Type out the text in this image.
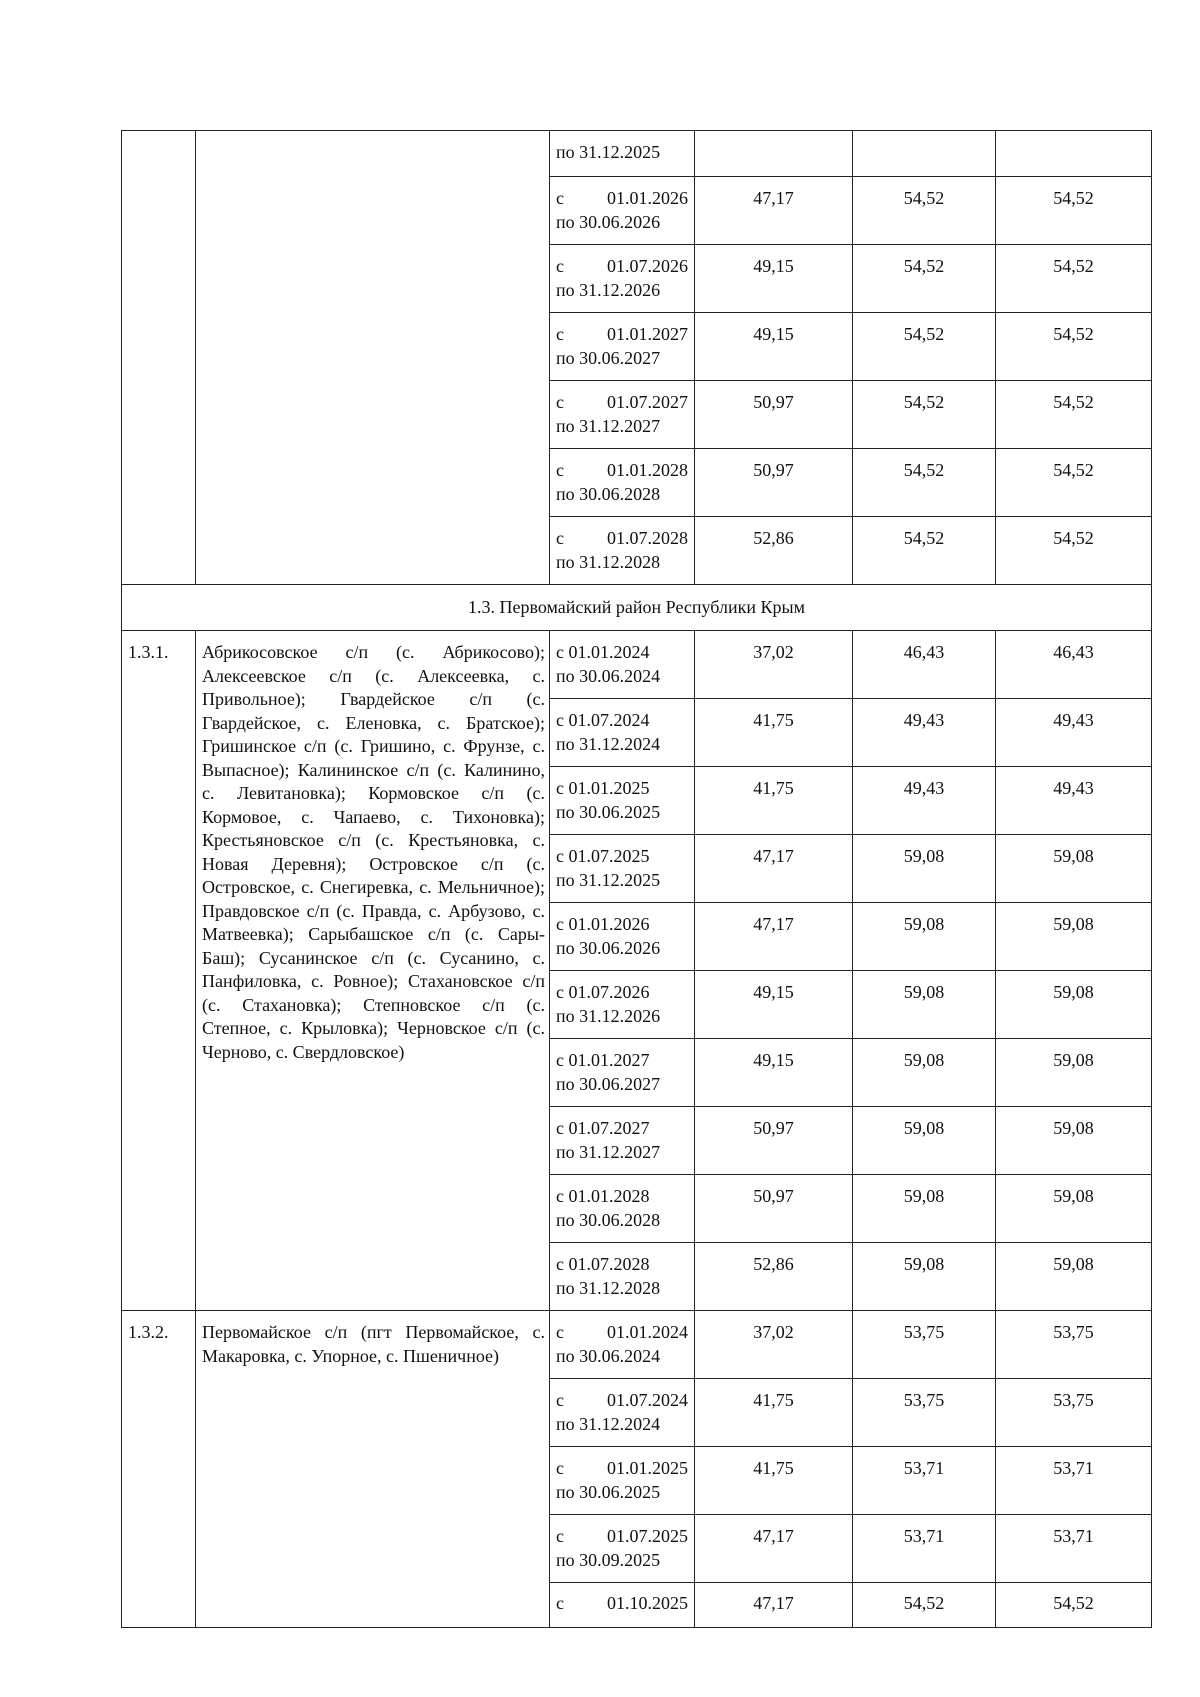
		по 31.12.2025			

		с 01.01.2026
по 30.06.2026	47,17	54,52	54,52

		с 01.07.2026
по 31.12.2026	49,15	54,52	54,52

		с 01.01.2027
по 30.06.2027	49,15	54,52	54,52

		с 01.07.2027
по 31.12.2027	50,97	54,52	54,52

		с 01.01.2028
по 30.06.2028	50,97	54,52	54,52

		с 01.07.2028
по 31.12.2028	52,86	54,52	54,52
1.3. Первомайский район Республики Крым					
1.3.1.	Абрикосовское с/п (с. Абрикосово); Алексеевское с/п (с. Алексеевка, с. Привольное); Гвардейское с/п (с. Гвардейское, с. Еленовка, с. Братское); Гришинское с/п (с. Гришино, с. Фрунзе, с. Выпасное); Калининское с/п (с. Калинино, с. Левитановка); Кормовское с/п (с. Кормовое, с. Чапаево, с. Тихоновка); Крестьяновское с/п (с. Крестьяновка, с. Новая Деревня); Островское с/п (с. Островское, с. Снегиревка, с. Мельничное); Правдовское с/п (с. Правда, с. Арбузово, с. Матвеевка); Сарыбашское с/п (с. Сары-Баш); Сусанинское с/п (с. Сусанино, с. Панфиловка, с. Ровное); Стахановское с/п (с. Стахановка); Степновское с/п (с. Степное, с. Крыловка); Черновское с/п (с. Черново, с. Свердловское)	с 01.01.2024
по 30.06.2024	37,02	46,43	46,43

		с 01.07.2024
по 31.12.2024	41,75	49,43	49,43

		с 01.01.2025
по 30.06.2025	41,75	49,43	49,43

		с 01.07.2025
по 31.12.2025	47,17	59,08	59,08

		с 01.01.2026
по 30.06.2026	47,17	59,08	59,08

		с 01.07.2026
по 31.12.2026	49,15	59,08	59,08

		с 01.01.2027
по 30.06.2027	49,15	59,08	59,08

		с 01.07.2027
по 31.12.2027	50,97	59,08	59,08

		с 01.01.2028
по 30.06.2028	50,97	59,08	59,08

		с 01.07.2028
по 31.12.2028	52,86	59,08	59,08
1.3.2.	Первомайское с/п (пгт Первомайское, с. Макаровка, с. Упорное, с. Пшеничное)	с 01.01.2024
по 30.06.2024	37,02	53,75	53,75

		с 01.07.2024
по 31.12.2024	41,75	53,75	53,75

		с 01.01.2025
по 30.06.2025	41,75	53,71	53,71

		с 01.07.2025
по 30.09.2025	47,17	53,71	53,71

		с 01.10.2025	47,17	54,52	54,52
